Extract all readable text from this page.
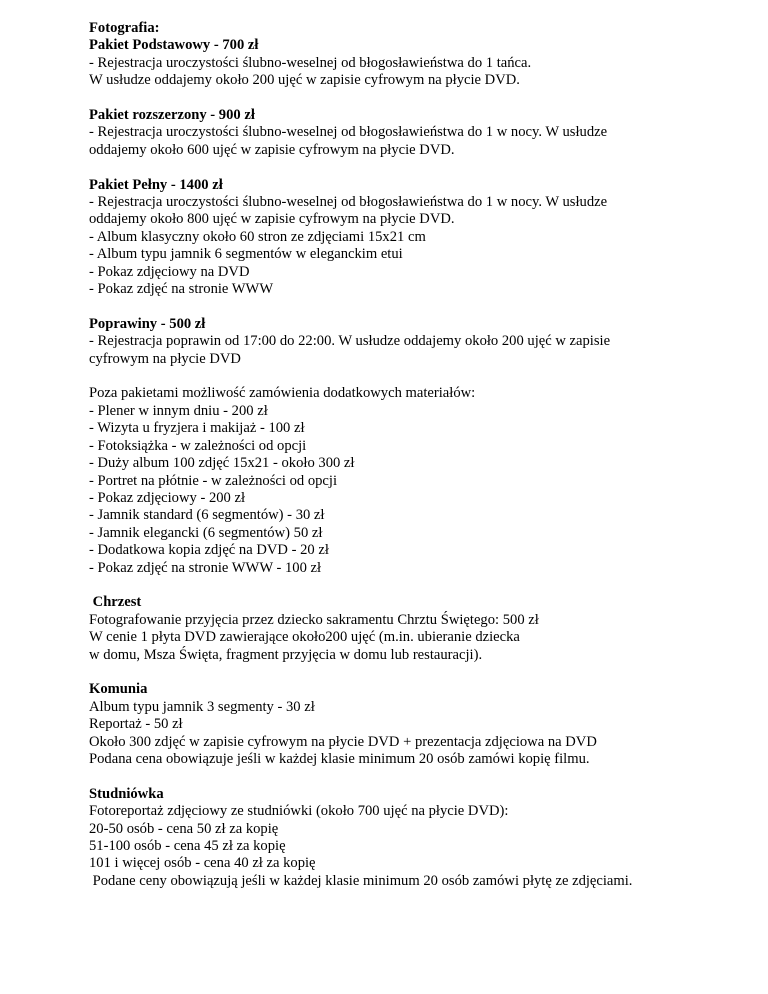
Fotografia:
Pakiet Podstawowy - 700 zł
- Rejestracja uroczystości ślubno-weselnej od błogosławieństwa do 1 tańca.
W usłudze oddajemy około 200 ujęć w zapisie cyfrowym na płycie DVD.
Pakiet rozszerzony - 900 zł
- Rejestracja uroczystości ślubno-weselnej od błogosławieństwa do 1 w nocy. W usłudze
oddajemy około 600 ujęć w zapisie cyfrowym na płycie DVD.
Pakiet Pełny - 1400 zł
- Rejestracja uroczystości ślubno-weselnej od błogosławieństwa do 1 w nocy. W usłudze
oddajemy około 800 ujęć w zapisie cyfrowym na płycie DVD.
- Album klasyczny około 60 stron ze zdjęciami 15x21 cm
- Album typu jamnik 6 segmentów w eleganckim etui
- Pokaz zdjęciowy na DVD
- Pokaz zdjęć na stronie WWW
Poprawiny - 500 zł
- Rejestracja poprawin od 17:00 do 22:00. W usłudze oddajemy około 200 ujęć w zapisie
cyfrowym na płycie DVD
Poza pakietami możliwość zamówienia dodatkowych materiałów:
- Plener w innym dniu - 200 zł
- Wizyta u fryzjera i makijaż - 100 zł
- Fotoksiążka - w zależności od opcji
- Duży album 100 zdjęć 15x21 - około 300 zł
- Portret na płótnie - w zależności od opcji
- Pokaz zdjęciowy - 200 zł
- Jamnik standard (6 segmentów) - 30 zł
- Jamnik elegancki (6 segmentów) 50 zł
- Dodatkowa kopia zdjęć na DVD - 20 zł
- Pokaz zdjęć na stronie WWW - 100 zł
Chrzest
Fotografowanie przyjęcia przez dziecko sakramentu Chrztu Świętego: 500 zł
W cenie 1 płyta DVD zawierające około200 ujęć (m.in. ubieranie dziecka
w domu, Msza Święta, fragment przyjęcia w domu lub restauracji).
Komunia
Album typu jamnik 3 segmenty - 30 zł
Reportaż - 50 zł
Około 300 zdjęć w zapisie cyfrowym na płycie DVD + prezentacja zdjęciowa na DVD
Podana cena obowiązuje jeśli w każdej klasie minimum 20 osób zamówi kopię filmu.
Studniówka
Fotoreportaż zdjęciowy ze studniówki (około 700 ujęć na płycie DVD):
20-50 osób - cena 50 zł za kopię
51-100 osób - cena 45 zł za kopię
101 i więcej osób - cena 40 zł za kopię
Podane ceny obowiązują jeśli w każdej klasie minimum 20 osób zamówi płytę ze zdjęciami.
